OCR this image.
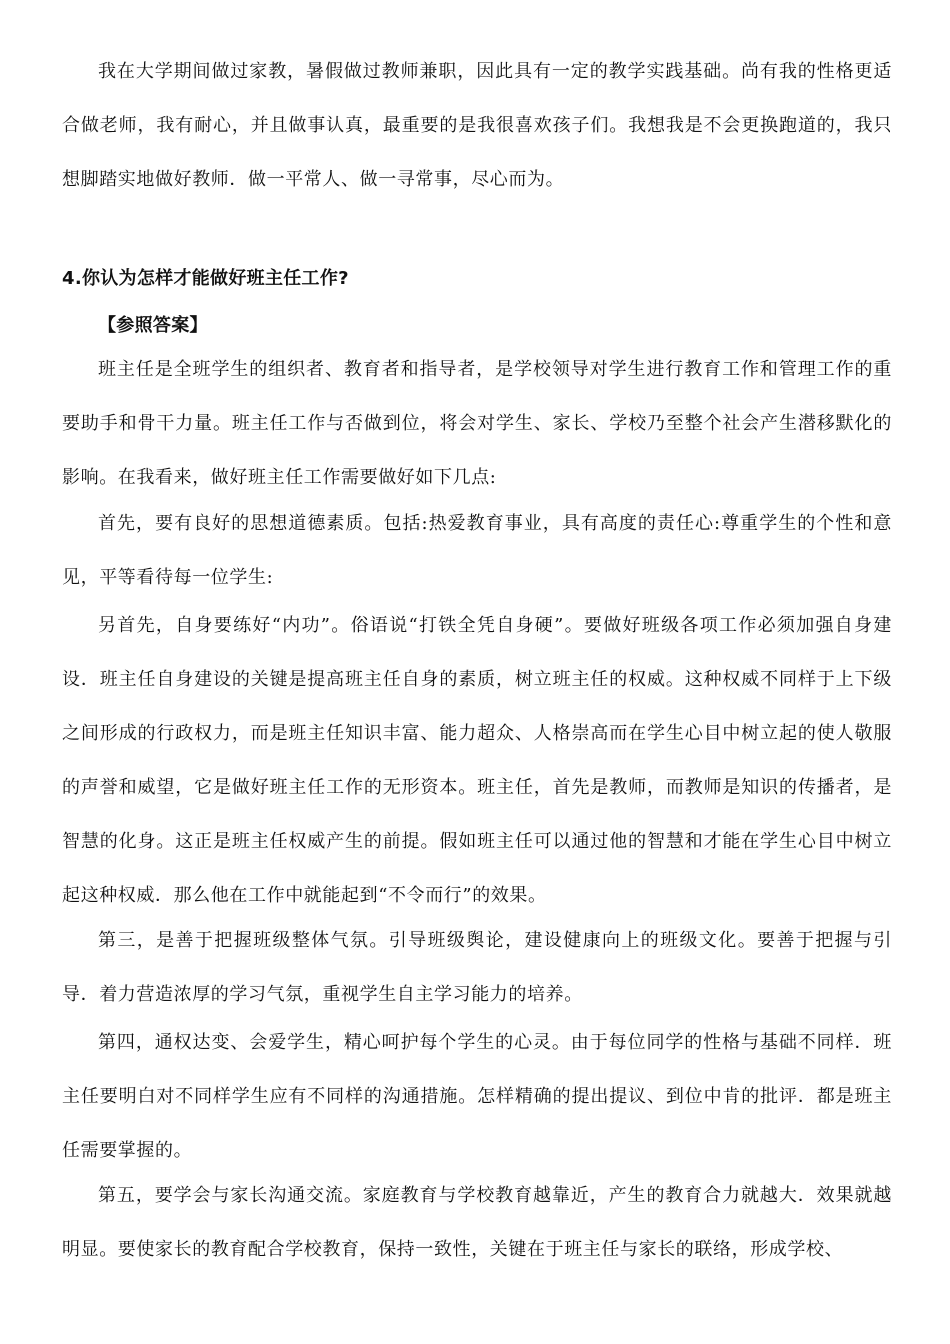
我在大学期间做过家教，暑假做过教师兼职，因此具有一定的教学实践基础。尚有我的性格更适合做老师，我有耐心，并且做事认真，最重要的是我很喜欢孩子们。我想我是不会更换跑道的，我只想脚踏实地做好教师．做一平常人、做一寻常事，尽心而为。

4.你认为怎样才能做好班主任工作?
【参照答案】

班主任是全班学生的组织者、教育者和指导者，是学校领导对学生进行教育工作和管理工作的重要助手和骨干力量。班主任工作与否做到位，将会对学生、家长、学校乃至整个社会产生潜移默化的影响。在我看来，做好班主任工作需要做好如下几点:

首先，要有良好的思想道德素质。包括:热爱教育事业，具有高度的责任心:尊重学生的个性和意见，平等看待每一位学生:

另首先，自身要练好“内功”。俗语说“打铁全凭自身硬”。要做好班级各项工作必须加强自身建设．班主任自身建设的关键是提高班主任自身的素质，树立班主任的权威。这种权威不同样于上下级之间形成的行政权力，而是班主任知识丰富、能力超众、人格崇高而在学生心目中树立起的使人敬服的声誉和威望，它是做好班主任工作的无形资本。班主任，首先是教师，而教师是知识的传播者，是智慧的化身。这正是班主任权威产生的前提。假如班主任可以通过他的智慧和才能在学生心目中树立起这种权威．那么他在工作中就能起到“不令而行”的效果。

第三，是善于把握班级整体气氛。引导班级舆论，建设健康向上的班级文化。要善于把握与引导．着力营造浓厚的学习气氛，重视学生自主学习能力的培养。

第四，通权达变、会爱学生，精心呵护每个学生的心灵。由于每位同学的性格与基础不同样．班主任要明白对不同样学生应有不同样的沟通措施。怎样精确的提出提议、到位中肯的批评．都是班主任需要掌握的。

第五，要学会与家长沟通交流。家庭教育与学校教育越靠近，产生的教育合力就越大．效果就越明显。要使家长的教育配合学校教育，保持一致性，关键在于班主任与家长的联络，形成学校、
